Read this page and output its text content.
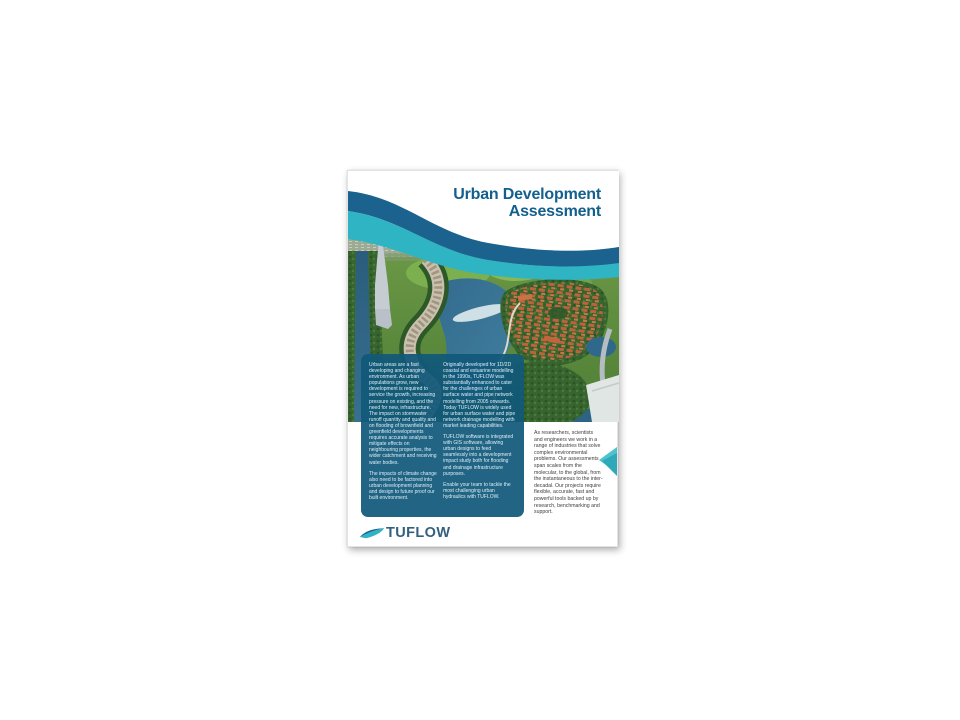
Urban Development
Assessment

Urban areas are a fast developing and changing environment. As urban populations grow, new development is required to service the growth, increasing pressure on existing, and the need for new, infrastructure. The impact on stormwater runoff quantity and quality and on flooding of brownfield and greenfield developments requires accurate analysis to mitigate effects on neighbouring properties, the wider catchment and receiving water bodies.

The impacts of climate change also need to be factored into urban development planning and design to future proof our built environment.

Originally developed for 1D/2D coastal and estuarine modelling in the 1990s, TUFLOW was substantially enhanced to cater for the challenges of urban surface water and pipe network modelling from 2005 onwards. Today TUFLOW is widely used for urban surface water and pipe network drainage modelling with market leading capabilities.

TUFLOW software is integrated with GIS software, allowing urban designs to feed seamlessly into a development impact study both for flooding and drainage infrastructure purposes.

Enable your team to tackle the most challenging urban hydraulics with TUFLOW.

As researchers, scientists and engineers we work in a range of industries that solve complex environmental problems. Our assessments span scales from the molecular, to the global, from the instantaneous to the inter-decadal. Our projects require flexible, accurate, fast and powerful tools backed up by research, benchmarking and support.

TUFLOW
